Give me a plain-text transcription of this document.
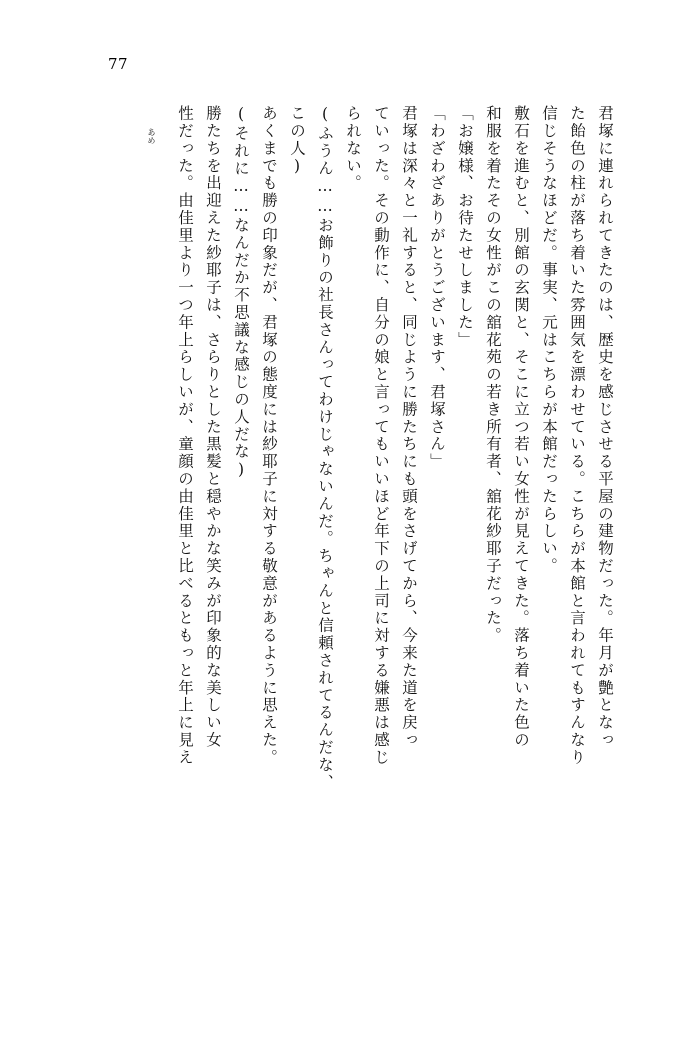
77
君塚に連れられてきたのは、歴史を感じさせる平屋の建物だった。年月が艶となっ
た飴色の柱が落ち着いた雰囲気を漂わせている。こちらが本館と言われてもすんなり
信じそうなほどだ。事実、元はこちらが本館だったらしい。
敷石を進むと、別館の玄関と、そこに立つ若い女性が見えてきた。落ち着いた色の
和服を着たその女性がこの舘花苑の若き所有者、舘花紗耶子だった。
「お嬢様、お待たせしました」
「わざわざありがとうございます、君塚さん」
君塚は深々と一礼すると、同じように勝たちにも頭をさげてから、今来た道を戻っ
ていった。その動作に、自分の娘と言ってもいいほど年下の上司に対する嫌悪は感じ
られない。
(ふうん……お飾りの社長さんってわけじゃないんだ。ちゃんと信頼されてるんだな、
この人)
あくまでも勝の印象だが、君塚の態度には紗耶子に対する敬意があるように思えた。
(それに……なんだか不思議な感じの人だな)
勝たちを出迎えた紗耶子は、さらりとした黒髪と穏やかな笑みが印象的な美しい女
性だった。由佳里より一つ年上らしいが、童顔の由佳里と比べるともっと年上に見え
あめ
